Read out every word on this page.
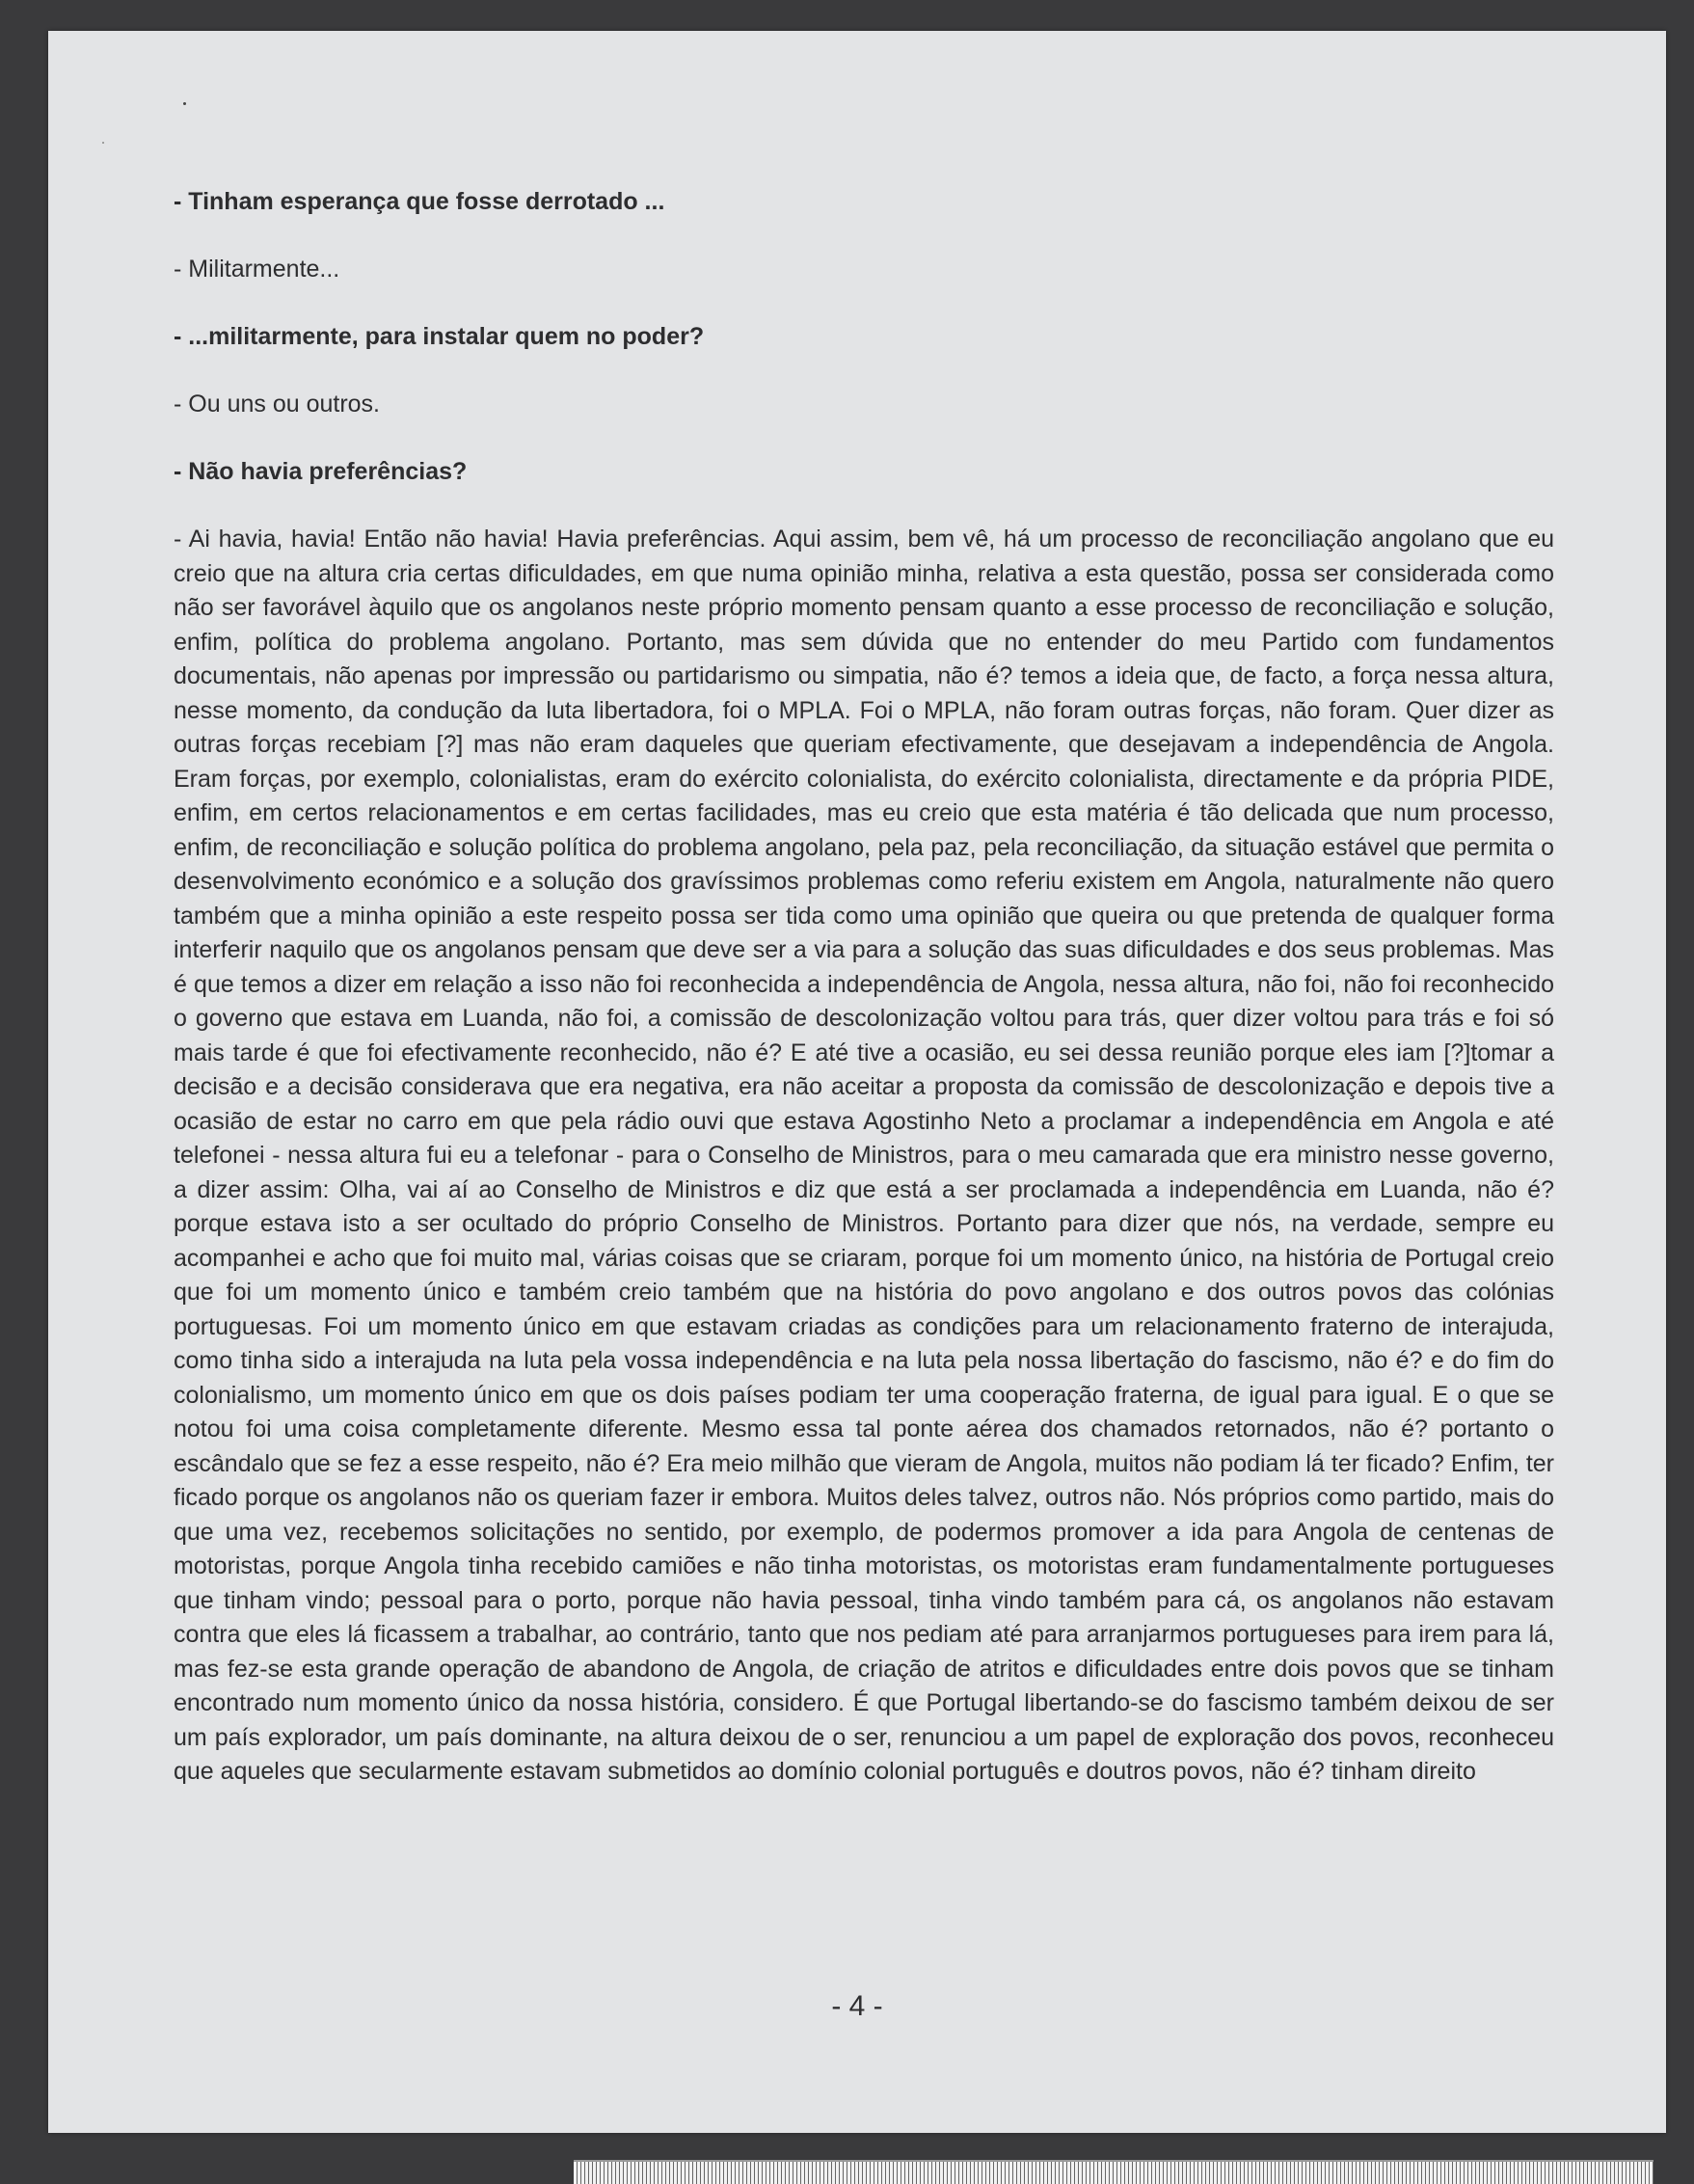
- Tinham esperança que fosse derrotado ...

- Militarmente...

- ...militarmente, para instalar quem no poder?

- Ou uns ou outros.

- Não havia preferências?

- Ai havia, havia! Então não havia! Havia preferências. Aqui assim, bem vê, há um processo de reconciliação angolano que eu creio que na altura cria certas dificuldades, em que numa opinião minha, relativa a esta questão, possa ser considerada como não ser favorável àquilo que os angolanos neste próprio momento pensam quanto a esse processo de reconciliação e solução, enfim, política do problema angolano. Portanto, mas sem dúvida que no entender do meu Partido com fundamentos documentais, não apenas por impressão ou partidarismo ou simpatia, não é? temos a ideia que, de facto, a força nessa altura, nesse momento, da condução da luta libertadora, foi o MPLA. Foi o MPLA, não foram outras forças, não foram. Quer dizer as outras forças recebiam [?] mas não eram daqueles que queriam efectivamente, que desejavam a independência de Angola. Eram forças, por exemplo, colonialistas, eram do exército colonialista, do exército colonialista, directamente e da própria PIDE, enfim, em certos relacionamentos e em certas facilidades, mas eu creio que esta matéria é tão delicada que num processo, enfim, de reconciliação e solução política do problema angolano, pela paz, pela reconciliação, da situação estável que permita o desenvolvimento económico e a solução dos gravíssimos problemas como referiu existem em Angola, naturalmente não quero também que a minha opinião a este respeito possa ser tida como uma opinião que queira ou que pretenda de qualquer forma interferir naquilo que os angolanos pensam que deve ser a via para a solução das suas dificuldades e dos seus problemas. Mas é que temos a dizer em relação a isso não foi reconhecida a independência de Angola, nessa altura, não foi, não foi reconhecido o governo que estava em Luanda, não foi, a comissão de descolonização voltou para trás, quer dizer voltou para trás e foi só mais tarde é que foi efectivamente reconhecido, não é? E até tive a ocasião, eu sei dessa reunião porque eles iam [?]tomar a decisão e a decisão considerava que era negativa, era não aceitar a proposta da comissão de descolonização e depois tive a ocasião de estar no carro em que pela rádio ouvi que estava Agostinho Neto a proclamar a independência em Angola e até telefonei - nessa altura fui eu a telefonar - para o Conselho de Ministros, para o meu camarada que era ministro nesse governo, a dizer assim: Olha, vai aí ao Conselho de Ministros e diz que está a ser proclamada a independência em Luanda, não é? porque estava isto a ser ocultado do próprio Conselho de Ministros. Portanto para dizer que nós, na verdade, sempre eu acompanhei e acho que foi muito mal, várias coisas que se criaram, porque foi um momento único, na história de Portugal creio que foi um momento único e também creio também que na história do povo angolano e dos outros povos das colónias portuguesas. Foi um momento único em que estavam criadas as condições para um relacionamento fraterno de interajuda, como tinha sido a interajuda na luta pela vossa independência e na luta pela nossa libertação do fascismo, não é? e do fim do colonialismo, um momento único em que os dois países podiam ter uma cooperação fraterna, de igual para igual. E o que se notou foi uma coisa completamente diferente. Mesmo essa tal ponte aérea dos chamados retornados, não é? portanto o escândalo que se fez a esse respeito, não é? Era meio milhão que vieram de Angola, muitos não podiam lá ter ficado? Enfim, ter ficado porque os angolanos não os queriam fazer ir embora. Muitos deles talvez, outros não. Nós próprios como partido, mais do que uma vez, recebemos solicitações no sentido, por exemplo, de podermos promover a ida para Angola de centenas de motoristas, porque Angola tinha recebido camiões e não tinha motoristas, os motoristas eram fundamentalmente portugueses que tinham vindo; pessoal para o porto, porque não havia pessoal, tinha vindo também para cá, os angolanos não estavam contra que eles lá ficassem a trabalhar, ao contrário, tanto que nos pediam até para arranjarmos portugueses para irem para lá, mas fez-se esta grande operação de abandono de Angola, de criação de atritos e dificuldades entre dois povos que se tinham encontrado num momento único da nossa história, considero. É que Portugal libertando-se do fascismo também deixou de ser um país explorador, um país dominante, na altura deixou de o ser, renunciou a um papel de exploração dos povos, reconheceu que aqueles que secularmente estavam submetidos ao domínio colonial português e doutros povos, não é? tinham direito

- 4 -
